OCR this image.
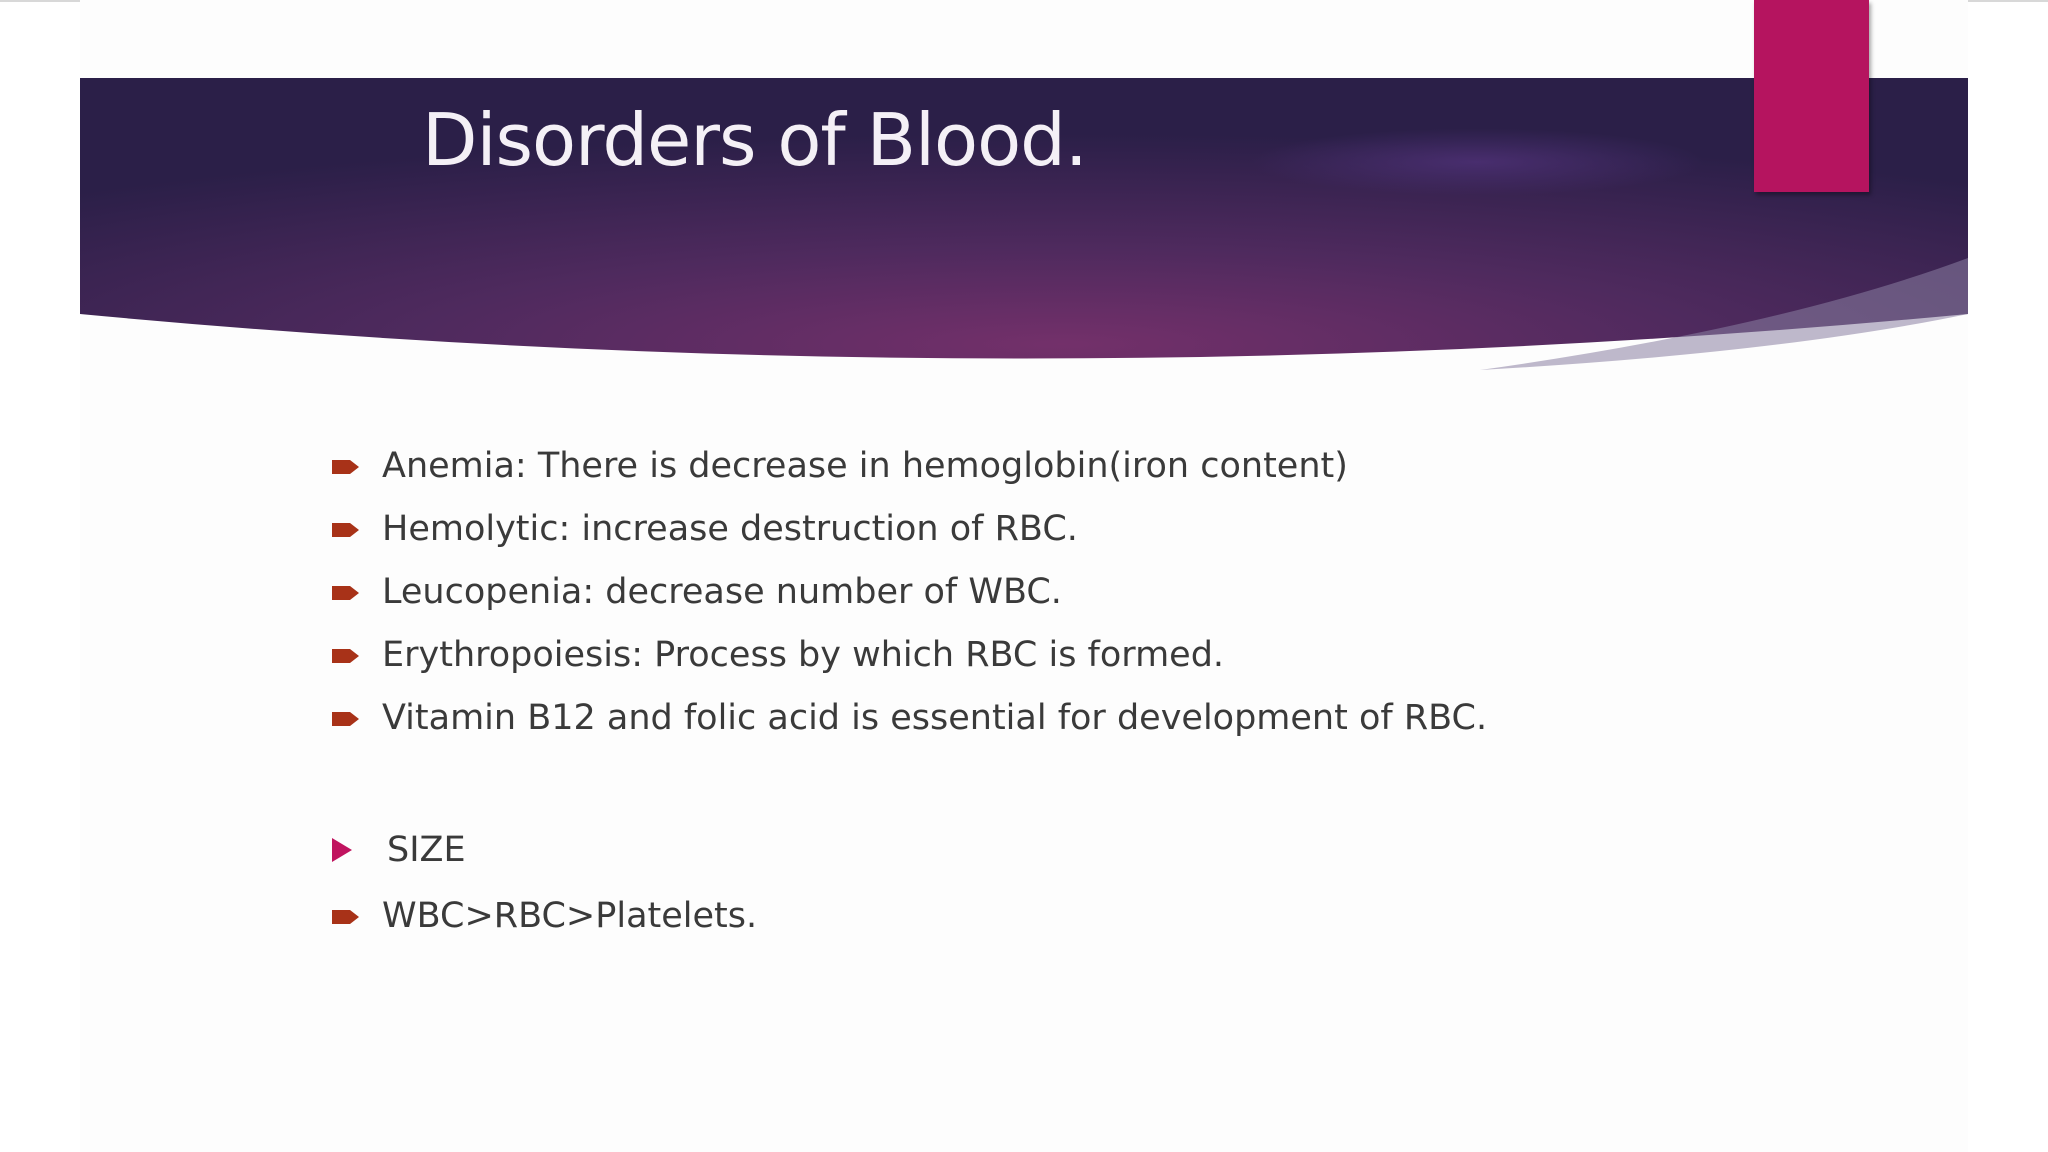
Disorders of Blood.
Anemia: There is decrease in hemoglobin(iron content)
Hemolytic: increase destruction of RBC.
Leucopenia: decrease number of WBC.
Erythropoiesis: Process by which RBC is formed.
Vitamin B12 and folic acid is essential for development of RBC.
SIZE
WBC>RBC>Platelets.
